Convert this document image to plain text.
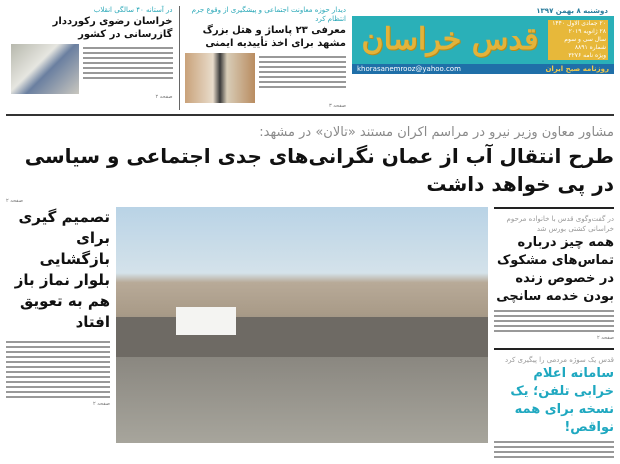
دوشنبه ۸ بهمن ۱۳۹۷
۲۰ جمادی الاول ۱۴۴۰
۲۸ ژانویه ۲۰۱۹
سال سی و سوم
شماره ۸۸۹۱
ویژه نامه ۳۲۷۶
قدس خراسان
روزنامه صبح ایران
khorasanemrooz@yahoo.com
دیدار حوزه معاونت اجتماعی و پیشگیری از وقوع جرم انتظام کرد
معرفی ۲۳ پاساژ و هتل بزرگ مشهد برای اخذ تأییدیه ایمنی
صفحه ۳
در آستانه ۴۰ سالگی انقلاب
خراسان رضوی رکورددار گازرسانی در کشور
صفحه ۲
مشاور معاون وزیر نیرو در مراسم اکران مستند «تالان» در مشهد:
طرح انتقال آب از عمان نگرانی‌های جدی اجتماعی و سیاسی در پی خواهد داشت
صفحه ۲
در گفت‌وگوی قدس با خانواده مرحوم خراسانی کشتی بورس شد
همه چیز درباره تماس‌های مشکوک در خصوص زنده بودن خدمه سانچی
صفحه ۲
قدس یک سوژه مردمی را پیگیری کرد
سامانه اعلام خرابی تلفن؛ یک نسخه برای همه نواقص!
تصمیم گیری برای بازگشایی بلوار نماز باز هم به تعویق افتاد
صفحه ۲
